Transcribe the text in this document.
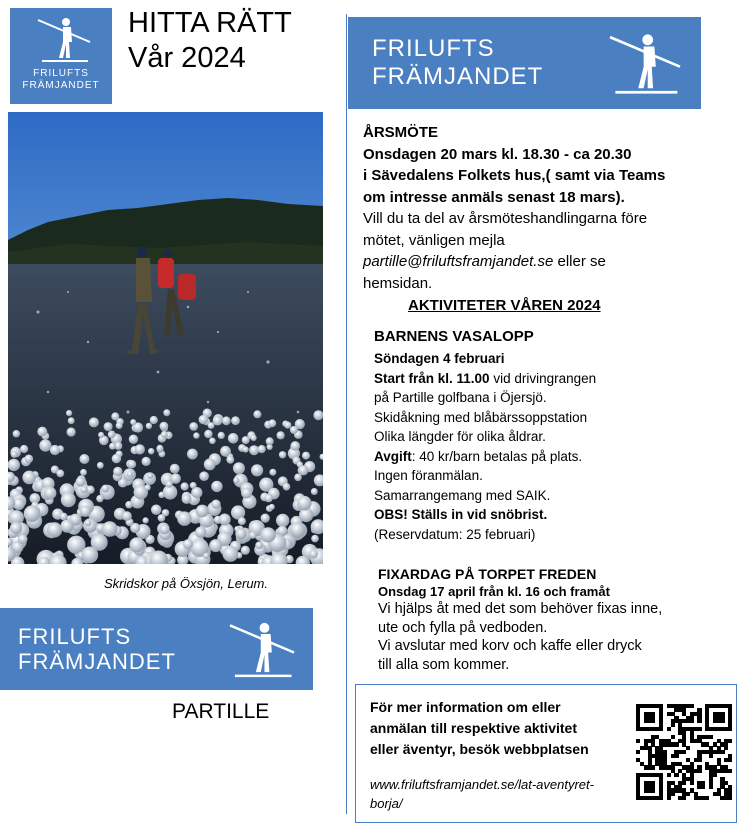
FRILUFTS
FRÄMJANDET
HITTA RÄTT
Vår 2024
Skridskor på Öxsjön, Lerum.
FRILUFTS
FRÄMJANDET
PARTILLE
FRILUFTS
FRÄMJANDET
ÅRSMÖTE
Onsdagen 20 mars kl. 18.30 - ca 20.30
i Sävedalens Folkets hus,( samt via Teams
om intresse anmäls senast 18 mars).
Vill du ta del av årsmöteshandlingarna före
mötet, vänligen mejla
partille@friluftsframjandet.se eller se
hemsidan.
AKTIVITETER VÅREN 2024
BARNENS VASALOPP
Söndagen 4 februari
Start från kl. 11.00 vid drivingrangen
på Partille golfbana i Öjersjö.
Skidåkning med blåbärssoppstation
Olika längder för olika åldrar.
Avgift: 40 kr/barn betalas på plats.
Ingen föranmälan.
Samarrangemang med SAIK.
OBS! Ställs in vid snöbrist.
(Reservdatum: 25 februari)
FIXARDAG PÅ TORPET FREDEN
Onsdag 17 april från kl. 16 och framåt
Vi hjälps åt med det som behöver fixas inne,
ute och fylla på vedboden.
Vi avslutar med korv och kaffe eller dryck
till alla som kommer.
För mer information om eller
anmälan till respektive aktivitet
eller äventyr, besök webbplatsen
www.friluftsframjandet.se/lat-aventyret-
borja/
